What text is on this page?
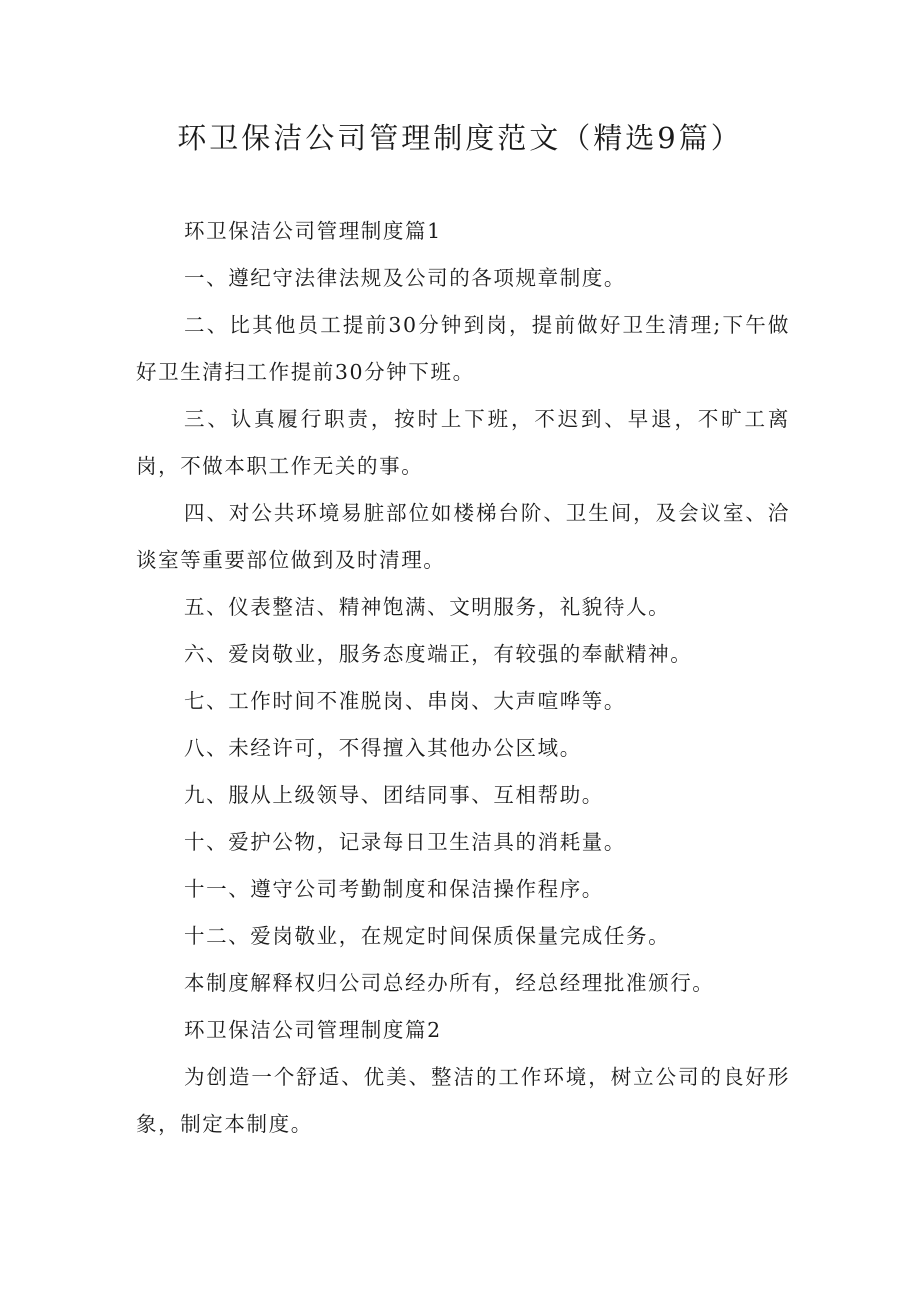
环卫保洁公司管理制度范文（精选9篇）

环卫保洁公司管理制度篇1

一、遵纪守法律法规及公司的各项规章制度。

二、比其他员工提前30分钟到岗，提前做好卫生清理;下午做好卫生清扫工作提前30分钟下班。

三、认真履行职责，按时上下班，不迟到、早退，不旷工离岗，不做本职工作无关的事。

四、对公共环境易脏部位如楼梯台阶、卫生间，及会议室、洽谈室等重要部位做到及时清理。

五、仪表整洁、精神饱满、文明服务，礼貌待人。

六、爱岗敬业，服务态度端正，有较强的奉献精神。

七、工作时间不准脱岗、串岗、大声喧哗等。

八、未经许可，不得擅入其他办公区域。

九、服从上级领导、团结同事、互相帮助。

十、爱护公物，记录每日卫生洁具的消耗量。

十一、遵守公司考勤制度和保洁操作程序。

十二、爱岗敬业，在规定时间保质保量完成任务。

本制度解释权归公司总经办所有，经总经理批准颁行。

环卫保洁公司管理制度篇2

为创造一个舒适、优美、整洁的工作环境，树立公司的良好形象，制定本制度。
